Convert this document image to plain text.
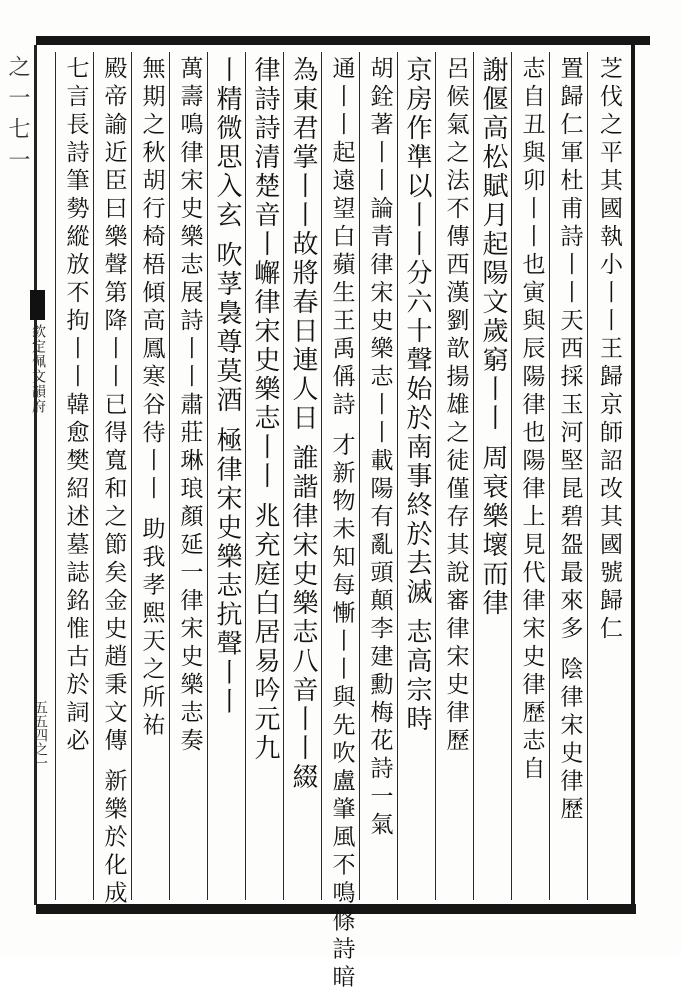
之一七一
欽定佩文韻府
五五四之一
芝伐之平其國執小丨丨王歸京師詔改其國號歸仁
置歸仁軍杜甫詩丨丨天西採玉河堅昆碧盌最來多 陰律宋史律歷
志自丑與卯丨丨也寅與辰陽律也陽律上見代律宋史律歷志自
謝偃高松賦月起陽文歲窮丨丨 周衰樂壞而律
呂候氣之法不傳西漢劉歆揚雄之徒僅存其說審律宋史律歷
京房作準以丨丨分六十聲始於南事終於去滅 志高宗時
胡銓著丨丨論青律宋史樂志丨丨載陽有亂頭顛李建勳梅花詩一氣
通丨丨起遠望白蘋生王禹偁詩 才新物未知每慚丨丨與先吹盧肇風不鳴條詩暗
為東君掌丨丨故將春日連人日 誰諧律宋史樂志八音丨丨綴
律詩詩清楚音丨嶰律宋史樂志丨丨 兆充庭白居易吟元九
丨精微思入玄 吹莩裊尊莫酒 極律宋史樂志抗聲丨丨
萬壽鳴律宋史樂志展詩丨丨肅莊琳琅顏延一律宋史樂志奏
無期之秋胡行椅梧傾高鳳寒谷待丨丨 助我孝熙天之所祐
殿帝諭近臣曰樂聲第降丨丨已得寬和之節矣金史趙秉文傳 新樂於化成
七言長詩筆勢縱放不拘丨丨韓愈樊紹述墓誌銘惟古於詞必
